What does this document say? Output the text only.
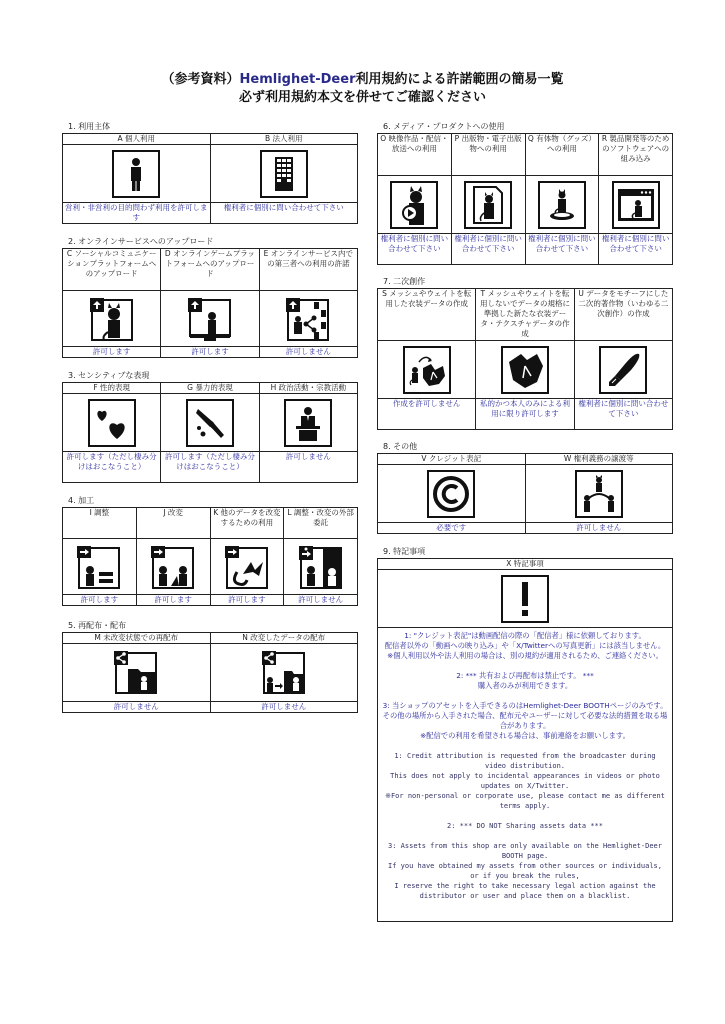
（参考資料）Hemlighet-Deer利用規約による許諾範囲の簡易一覧
必ず利用規約本文を併せてご確認ください
1. 利用主体
A 個人利用	B 法人利用

営利・非営利の目的問わず利用を許可します	権利者に個別に問い合わせて下さい
2. オンラインサービスへのアップロード
C ソーシャルコミュニケーションプラットフォームへのアップロード	D オンラインゲームプラットフォームへのアップロード	E オンラインサービス内での第三者への利用の許諾

許可します	許可します	許可しません
3. センシティブな表現
F 性的表現	G 暴力的表現	H 政治活動・宗教活動

許可します（ただし棲み分けはおこなうこと）	許可します（ただし棲み分けはおこなうこと）	許可しません
4. 加工
I 調整	J 改変	K 他のデータを改変するための利用	L 調整・改変の外部委託

許可します	許可します	許可します	許可しません
5. 再配布・配布
M 未改変状態での再配布	N 改変したデータの配布

許可しません	許可しません
6. メディア・プロダクトへの使用
O 映像作品・配信・放送への利用	P 出版物・電子出版物への利用	Q 有体物（グッズ）への利用	R 製品開発等のためのソフトウェアへの組み込み

権利者に個別に問い合わせて下さい	権利者に個別に問い合わせて下さい	権利者に個別に問い合わせて下さい	権利者に個別に問い合わせて下さい
7. 二次創作
S メッシュやウェイトを転用した衣装データの作成	T メッシュやウェイトを転用しないでデータの規格に準拠した新たな衣装データ・テクスチャデータの作成	U データをモチーフにした二次的著作物（いわゆる二次創作）の作成

作成を許可しません	私的かつ本人のみによる利用に限り許可します	権利者に個別に問い合わせて下さい
8. その他
V クレジット表記	W 権利義務の譲渡等

必要です	許可しません
9. 特記事項
X 特記事項

1: "クレジット表記"は動画配信の際の「配信者」様に依頼しております。

配信者以外の「動画への映り込み」や「X/Twitterへの写真更新」には該当しません。

※個人利用以外や法人利用の場合は、別の規約が適用されるため、ご連絡ください。

2: *** 共有および再配布は禁止です。 ***

購入者のみが利用できます。

3: 当ショップのアセットを入手できるのはHemlighet-Deer BOOTHページのみです。その他の場所から入手された場合、配布元やユーザーに対して必要な法的措置を取る場合があります。

※配信での利用を希望される場合は、事前連絡をお願いします。

1: Credit attribution is requested from the broadcaster during video distribution.

This does not apply to incidental appearances in videos or photo updates on X/Twitter.

※For non-personal or corporate use, please contact me as different terms apply.

2: *** DO NOT Sharing assets data ***

3: Assets from this shop are only available on the Hemlighet-Deer BOOTH page.

If you have obtained my assets from other sources or individuals, or if you break the rules,

I reserve the right to take necessary legal action against the distributor or user and place them on a blacklist.
